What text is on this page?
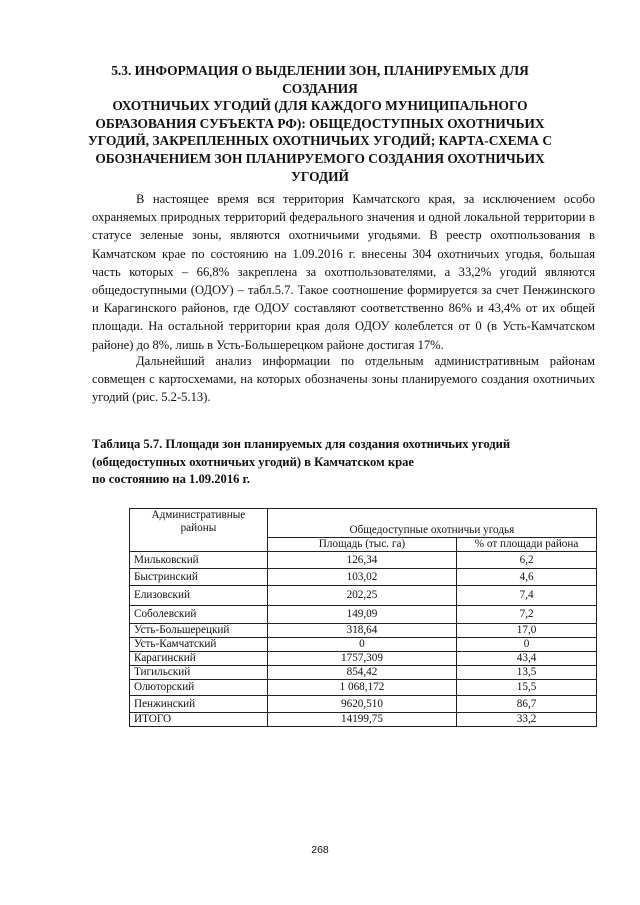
5.3. ИНФОРМАЦИЯ О ВЫДЕЛЕНИИ ЗОН, ПЛАНИРУЕМЫХ ДЛЯ СОЗДАНИЯ
ОХОТНИЧЬИХ УГОДИЙ (ДЛЯ КАЖДОГО МУНИЦИПАЛЬНОГО
ОБРАЗОВАНИЯ СУБЪЕКТА РФ): ОБЩЕДОСТУПНЫХ ОХОТНИЧЬИХ
УГОДИЙ, ЗАКРЕПЛЕННЫХ ОХОТНИЧЬИХ УГОДИЙ; КАРТА-СХЕМА С
ОБОЗНАЧЕНИЕМ ЗОН ПЛАНИРУЕМОГО СОЗДАНИЯ ОХОТНИЧЬИХ
УГОДИЙ

В настоящее время вся территория Камчатского края, за исключением особо охраняемых природных территорий федерального значения и одной локальной территории в статусе зеленые зоны, являются охотничьими угодьями. В реестр охотпользования в Камчатском крае по состоянию на 1.09.2016 г. внесены 304 охотничьих угодья, большая часть которых – 66,8% закреплена за охотпользователями, а 33,2% угодий являются общедоступными (ОДОУ) – табл.5.7. Такое соотношение формируется за счет Пенжинского и Карагинского районов, где ОДОУ составляют соответственно 86% и 43,4% от их общей площади. На остальной территории края доля ОДОУ колеблется от 0 (в Усть-Камчатском районе) до 8%, лишь в Усть-Большерецком районе достигая 17%.

Дальнейший анализ информации по отдельным административным районам совмещен с картосхемами, на которых обозначены зоны планируемого создания охотничьих угодий (рис. 5.2-5.13).

Таблица 5.7. Площади зон планируемых для создания охотничьих угодий
(общедоступных охотничьих угодий) в Камчатском крае
по состоянию на 1.09.2016 г.
Административные районы	Общедоступные охотничьи угодья	
	Площадь (тыс. га)	% от площади района
Мильковский	126,34	6,2
Быстринский	103,02	4,6
Елизовский	202,25	7,4
Соболевский	149,09	7,2
Усть-Большерецкий	318,64	17,0
Усть-Камчатский	0	0
Карагинский	1757,309	43,4
Тигильский	854,42	13,5
Олюторский	1 068,172	15,5
Пенжинский	9620,510	86,7
ИТОГО	14199,75	33,2
268
